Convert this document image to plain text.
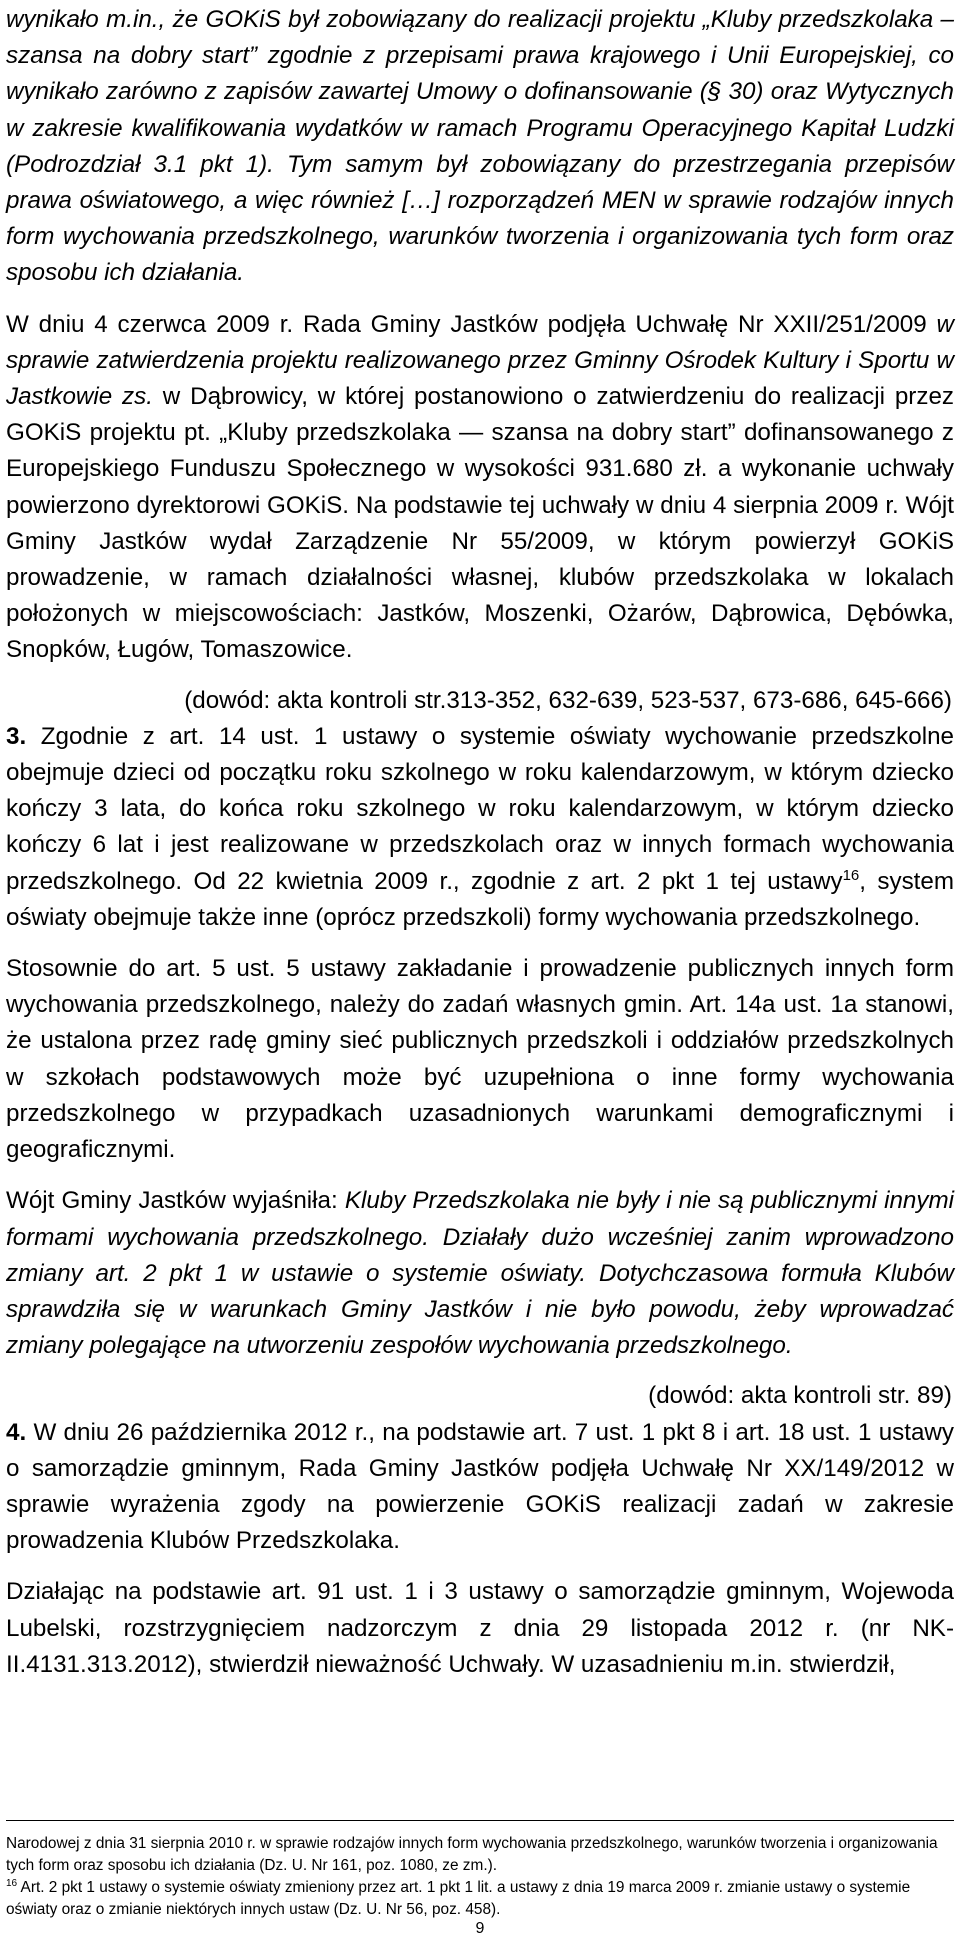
wynikało m.in., że GOKiS był zobowiązany do realizacji projektu „Kluby przedszkolaka – szansa na dobry start” zgodnie z przepisami prawa krajowego i Unii Europejskiej, co wynikało zarówno z zapisów zawartej Umowy o dofinansowanie (§ 30) oraz Wytycznych w zakresie kwalifikowania wydatków w ramach Programu Operacyjnego Kapitał Ludzki (Podrozdział 3.1 pkt 1). Tym samym był zobowiązany do przestrzegania przepisów prawa oświatowego, a więc również […] rozporządzeń MEN w sprawie rodzajów innych form wychowania przedszkolnego, warunków tworzenia i organizowania tych form oraz sposobu ich działania.

W dniu 4 czerwca 2009 r. Rada Gminy Jastków podjęła Uchwałę Nr XXII/251/2009 w sprawie zatwierdzenia projektu realizowanego przez Gminny Ośrodek Kultury i Sportu w Jastkowie zs. w Dąbrowicy, w której postanowiono o zatwierdzeniu do realizacji przez GOKiS projektu pt. „Kluby przedszkolaka — szansa na dobry start” dofinansowanego z Europejskiego Funduszu Społecznego w wysokości 931.680 zł. a wykonanie uchwały powierzono dyrektorowi GOKiS. Na podstawie tej uchwały w dniu 4 sierpnia 2009 r. Wójt Gminy Jastków wydał Zarządzenie Nr 55/2009, w którym powierzył GOKiS prowadzenie, w ramach działalności własnej, klubów przedszkolaka w lokalach położonych w miejscowościach: Jastków, Moszenki, Ożarów, Dąbrowica, Dębówka, Snopków, Ługów, Tomaszowice.

(dowód: akta kontroli str.313-352, 632-639, 523-537, 673-686, 645-666)

3. Zgodnie z art. 14 ust. 1 ustawy o systemie oświaty wychowanie przedszkolne obejmuje dzieci od początku roku szkolnego w roku kalendarzowym, w którym dziecko kończy 3 lata, do końca roku szkolnego w roku kalendarzowym, w którym dziecko kończy 6 lat i jest realizowane w przedszkolach oraz w innych formach wychowania przedszkolnego. Od 22 kwietnia 2009 r., zgodnie z art. 2 pkt 1 tej ustawy$^{16}$, system oświaty obejmuje także inne (oprócz przedszkoli) formy wychowania przedszkolnego.

Stosownie do art. 5 ust. 5 ustawy zakładanie i prowadzenie publicznych innych form wychowania przedszkolnego, należy do zadań własnych gmin. Art. 14a ust. 1a stanowi, że ustalona przez radę gminy sieć publicznych przedszkoli i oddziałów przedszkolnych w szkołach podstawowych może być uzupełniona o inne formy wychowania przedszkolnego w przypadkach uzasadnionych warunkami demograficznymi i geograficznymi.

Wójt Gminy Jastków wyjaśniła: Kluby Przedszkolaka nie były i nie są publicznymi innymi formami wychowania przedszkolnego. Działały dużo wcześniej zanim wprowadzono zmiany art. 2 pkt 1 w ustawie o systemie oświaty. Dotychczasowa formuła Klubów sprawdziła się w warunkach Gminy Jastków i nie było powodu, żeby wprowadzać zmiany polegające na utworzeniu zespołów wychowania przedszkolnego.

(dowód: akta kontroli str. 89)

4. W dniu 26 października 2012 r., na podstawie art. 7 ust. 1 pkt 8 i art. 18 ust. 1 ustawy o samorządzie gminnym, Rada Gminy Jastków podjęła Uchwałę Nr XX/149/2012 w sprawie wyrażenia zgody na powierzenie GOKiS realizacji zadań w zakresie prowadzenia Klubów Przedszkolaka.

Działając na podstawie art. 91 ust. 1 i 3 ustawy o samorządzie gminnym, Wojewoda Lubelski, rozstrzygnięciem nadzorczym z dnia 29 listopada 2012 r. (nr NK-II.4131.313.2012), stwierdził nieważność Uchwały. W uzasadnieniu m.in. stwierdził,

Narodowej z dnia 31 sierpnia 2010 r. w sprawie rodzajów innych form wychowania przedszkolnego, warunków tworzenia i organizowania tych form oraz sposobu ich działania (Dz. U. Nr 161, poz. 1080, ze zm.).

$^{16}$ Art. 2 pkt 1 ustawy o systemie oświaty zmieniony przez art. 1 pkt 1 lit. a ustawy z dnia 19 marca 2009 r. zmianie ustawy o systemie oświaty oraz o zmianie niektórych innych ustaw (Dz. U. Nr 56, poz. 458).

9
